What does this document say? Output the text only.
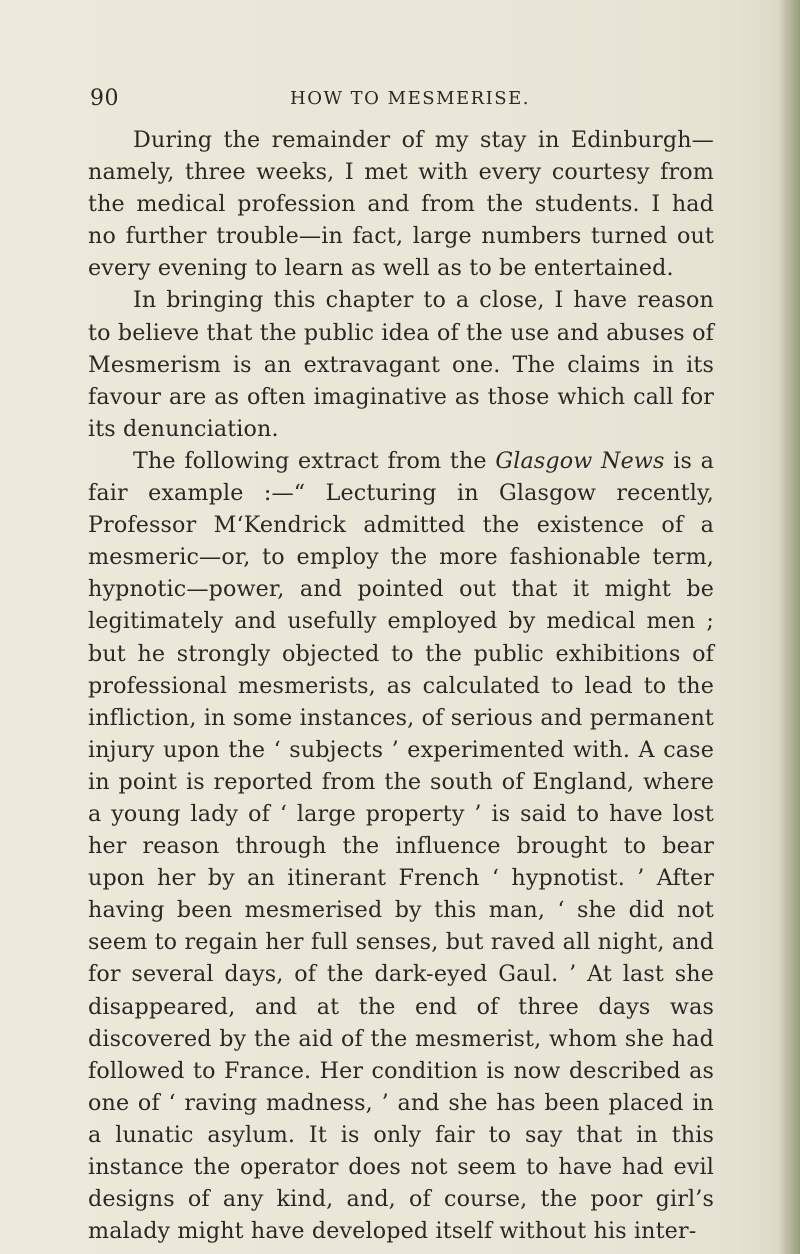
90	HOW TO MESMERISE.

During the remainder of my stay in Edinburgh—namely, three weeks, I met with every courtesy from the medical profession and from the students. I had no further trouble—in fact, large numbers turned out every evening to learn as well as to be entertained.

In bringing this chapter to a close, I have reason to believe that the public idea of the use and abuses of Mesmerism is an extravagant one. The claims in its favour are as often imaginative as those which call for its denunciation.

The following extract from the Glasgow News is a fair example :—“ Lecturing in Glasgow recently, Professor M‘Kendrick admitted the existence of a mesmeric—or, to employ the more fashionable term, hypnotic—power, and pointed out that it might be legitimately and usefully employed by medical men ; but he strongly objected to the public exhibitions of professional mesmerists, as calculated to lead to the infliction, in some instances, of serious and permanent injury upon the ‘ subjects ’ experimented with. A case in point is reported from the south of England, where a young lady of ‘ large property ’ is said to have lost her reason through the influence brought to bear upon her by an itinerant French ‘ hypnotist. ’ After having been mesmerised by this man, ‘ she did not seem to regain her full senses, but raved all night, and for several days, of the dark-eyed Gaul. ’ At last she disappeared, and at the end of three days was discovered by the aid of the mesmerist, whom she had followed to France. Her condition is now described as one of ‘ raving madness, ’ and she has been placed in a lunatic asylum. It is only fair to say that in this instance the operator does not seem to have had evil designs of any kind, and, of course, the poor girl’s malady might have developed itself without his inter-
